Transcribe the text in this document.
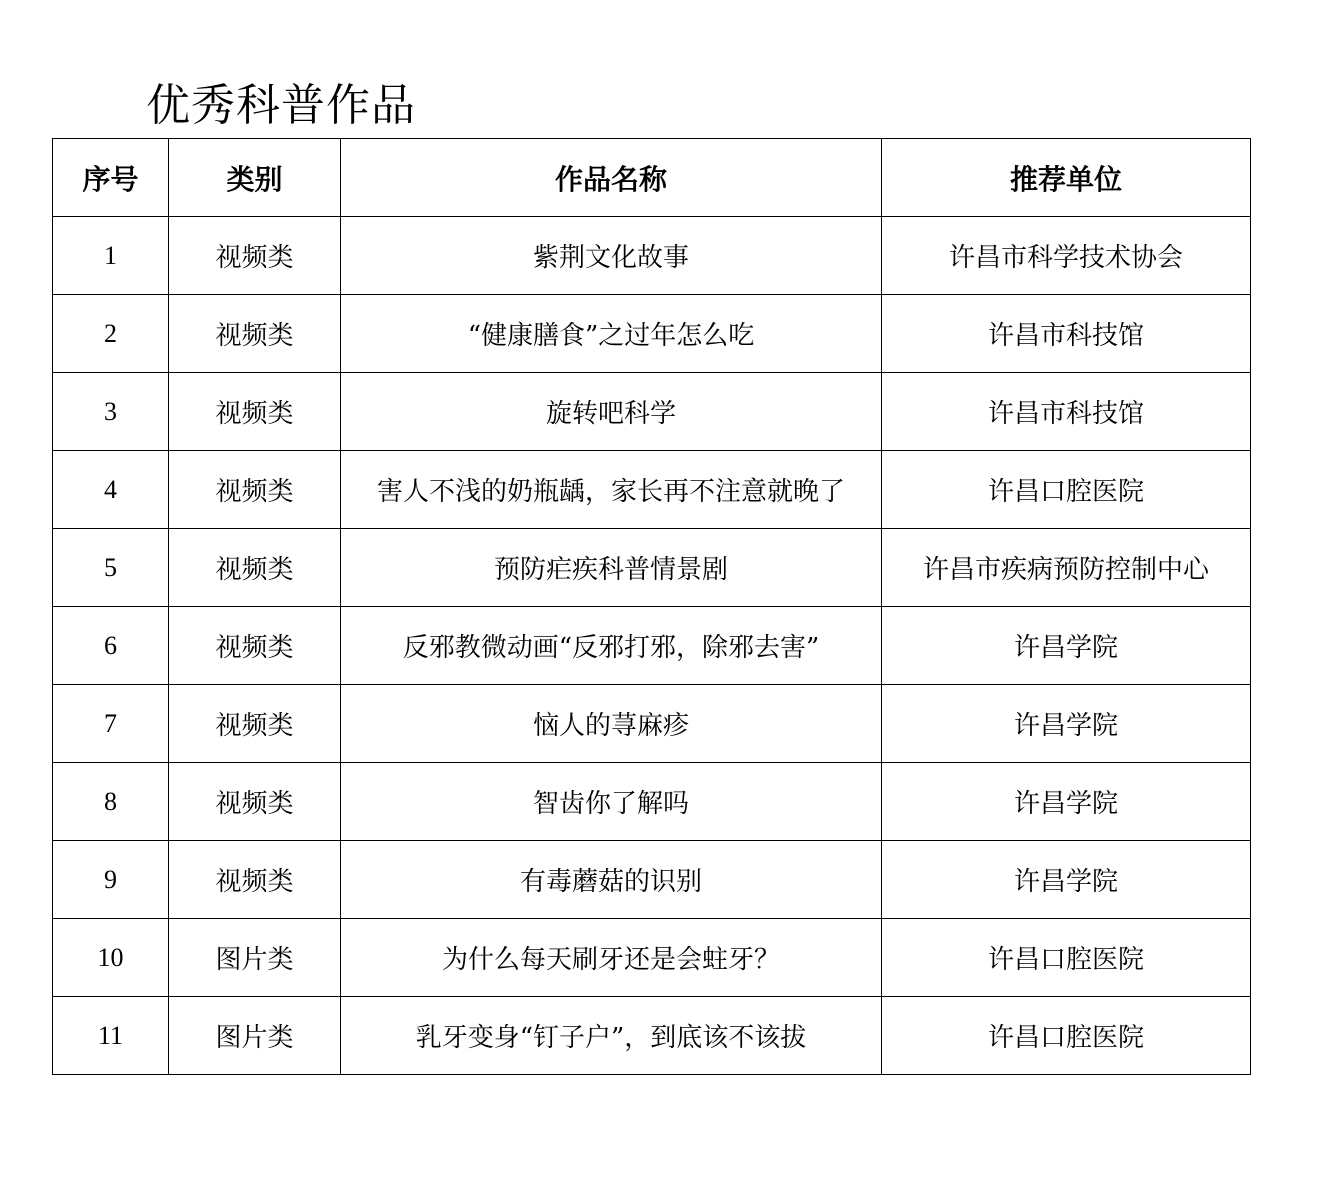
优秀科普作品
序号	类别	作品名称	推荐单位
1	视频类	紫荆文化故事	许昌市科学技术协会
2	视频类	“健康膳食”之过年怎么吃	许昌市科技馆
3	视频类	旋转吧科学	许昌市科技馆
4	视频类	害人不浅的奶瓶龋，家长再不注意就晚了	许昌口腔医院
5	视频类	预防疟疾科普情景剧	许昌市疾病预防控制中心
6	视频类	反邪教微动画“反邪打邪，除邪去害”	许昌学院
7	视频类	恼人的荨麻疹	许昌学院
8	视频类	智齿你了解吗	许昌学院
9	视频类	有毒蘑菇的识别	许昌学院
10	图片类	为什么每天刷牙还是会蛀牙？	许昌口腔医院
11	图片类	乳牙变身“钉子户”，到底该不该拔	许昌口腔医院
